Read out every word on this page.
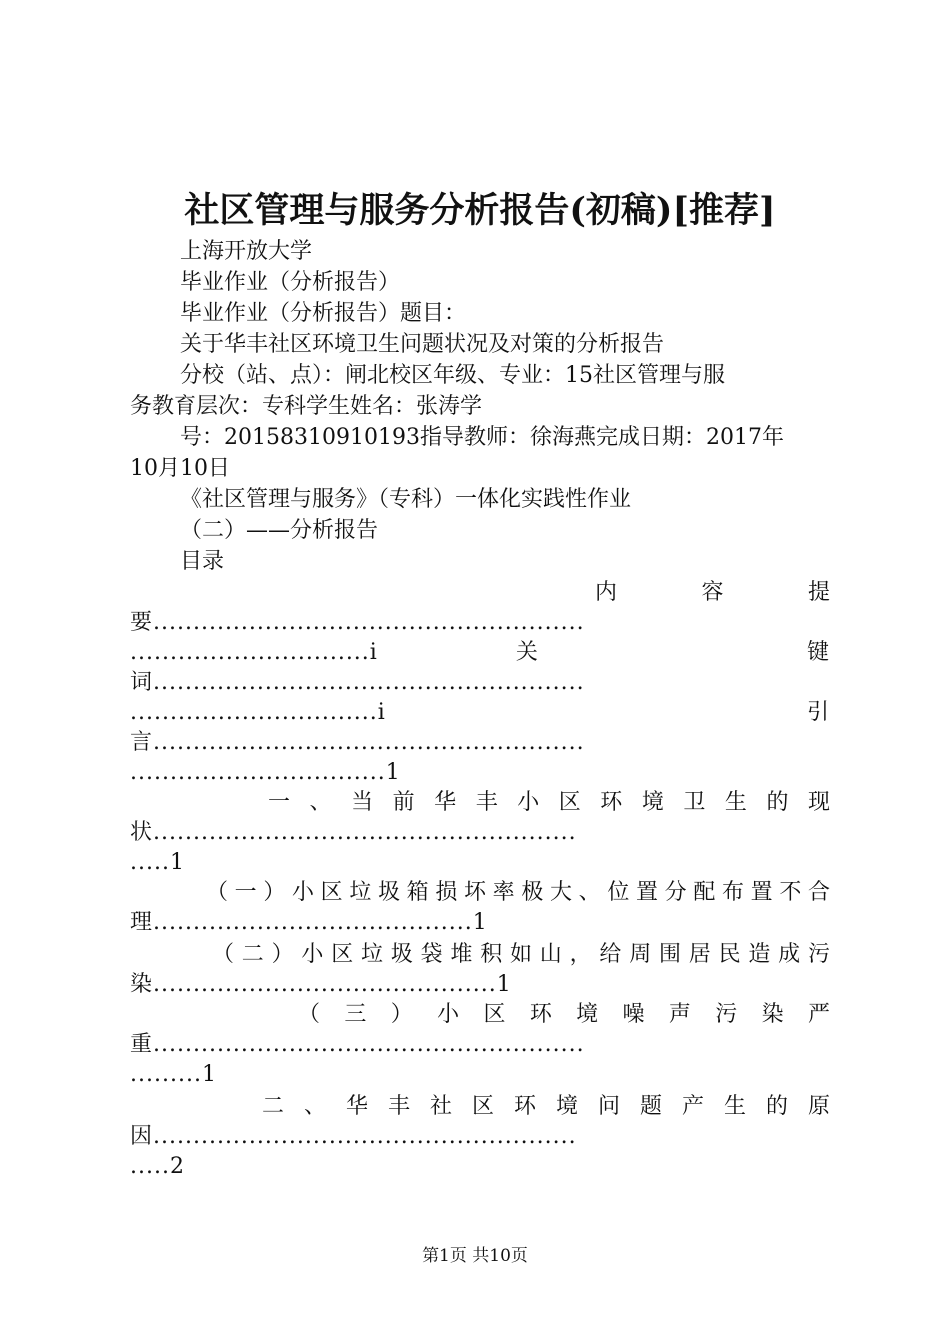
社区管理与服务分析报告(初稿)[推荐]
上海开放大学
毕业作业（分析报告）
毕业作业（分析报告）题目：
关于华丰社区环境卫生问题状况及对策的分析报告
分校（站、点）：闸北校区年级、专业：15社区管理与服
务教育层次：专科学生姓名：张涛学
号：20158310910193指导教师：徐海燕完成日期：2017年
10月10日
《社区管理与服务》（专科）一体化实践性作业
（二）——分析报告
目录
内 容 提
要......................................................
..............................i 关 键
词......................................................
...............................i 引
言......................................................
................................1
一 、 当 前 华 丰 小 区 环 境 卫 生 的 现
状.....................................................
.....1
（一）小区垃圾箱损坏率极大、位置分配布置不合
理........................................1
（二）小区垃圾袋堆积如山，给周围居民造成污
染...........................................1
（ 三 ） 小 区 环 境 噪 声 污 染 严
重......................................................
.........1
二 、 华 丰 社 区 环 境 问 题 产 生 的 原
因.....................................................
.....2
第1页 共10页
